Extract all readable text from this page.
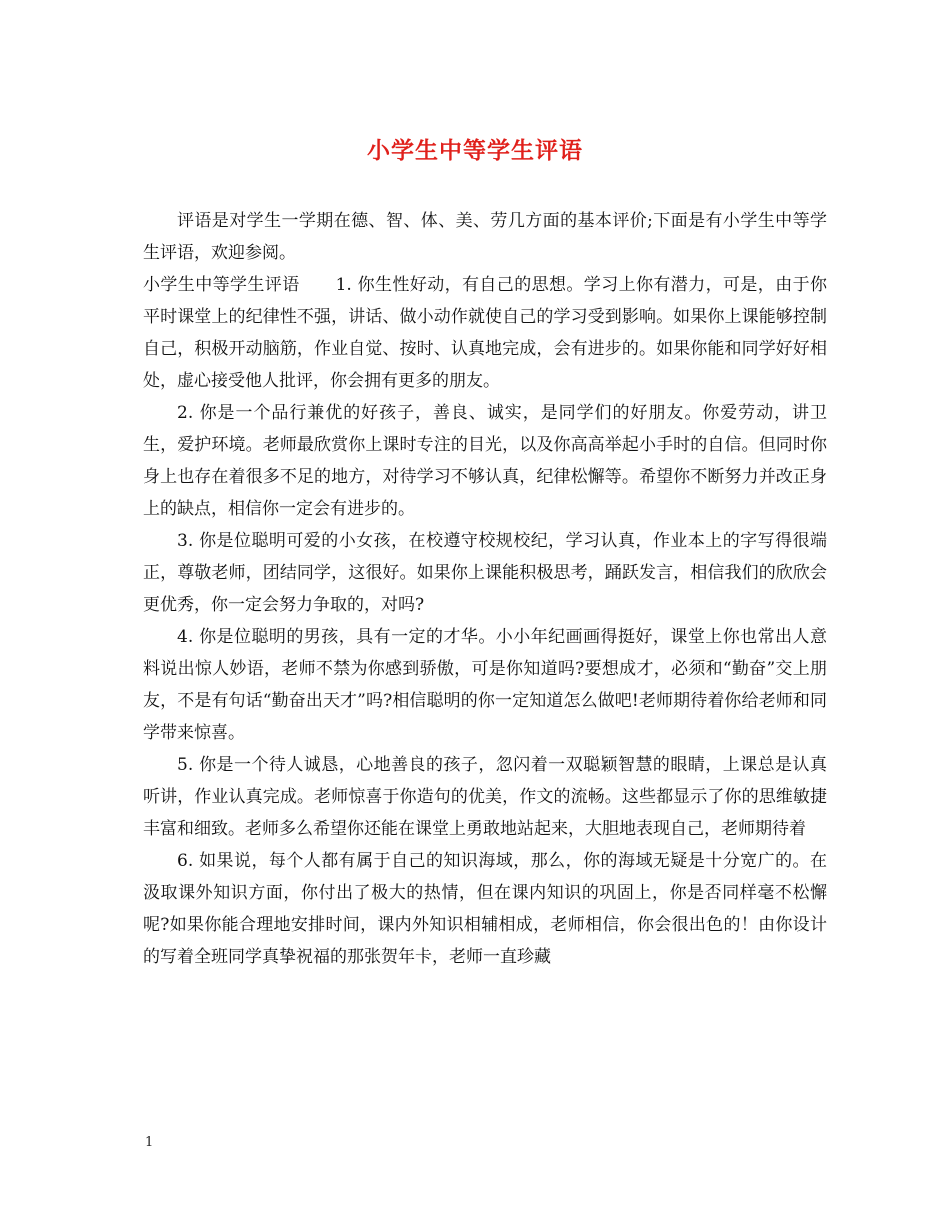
小学生中等学生评语

评语是对学生一学期在德、智、体、美、劳几方面的基本评价;下面是有小学生中等学生评语，欢迎参阅。

小学生中等学生评语 1. 你生性好动，有自己的思想。学习上你有潜力，可是，由于你平时课堂上的纪律性不强，讲话、做小动作就使自己的学习受到影响。如果你上课能够控制自己，积极开动脑筋，作业自觉、按时、认真地完成，会有进步的。如果你能和同学好好相处，虚心接受他人批评，你会拥有更多的朋友。

2. 你是一个品行兼优的好孩子，善良、诚实，是同学们的好朋友。你爱劳动，讲卫生，爱护环境。老师最欣赏你上课时专注的目光，以及你高高举起小手时的自信。但同时你身上也存在着很多不足的地方，对待学习不够认真，纪律松懈等。希望你不断努力并改正身上的缺点，相信你一定会有进步的。

3. 你是位聪明可爱的小女孩，在校遵守校规校纪，学习认真，作业本上的字写得很端正，尊敬老师，团结同学，这很好。如果你上课能积极思考，踊跃发言，相信我们的欣欣会更优秀，你一定会努力争取的，对吗?

4. 你是位聪明的男孩，具有一定的才华。小小年纪画画得挺好，课堂上你也常出人意料说出惊人妙语，老师不禁为你感到骄傲，可是你知道吗?要想成才，必须和“勤奋”交上朋友，不是有句话“勤奋出天才”吗?相信聪明的你一定知道怎么做吧!老师期待着你给老师和同学带来惊喜。

5. 你是一个待人诚恳，心地善良的孩子，忽闪着一双聪颖智慧的眼睛，上课总是认真听讲，作业认真完成。老师惊喜于你造句的优美，作文的流畅。这些都显示了你的思维敏捷丰富和细致。老师多么希望你还能在课堂上勇敢地站起来，大胆地表现自己，老师期待着

6. 如果说，每个人都有属于自己的知识海域，那么，你的海域无疑是十分宽广的。在汲取课外知识方面，你付出了极大的热情，但在课内知识的巩固上，你是否同样毫不松懈呢?如果你能合理地安排时间，课内外知识相辅相成，老师相信，你会很出色的！由你设计的写着全班同学真挚祝福的那张贺年卡，老师一直珍藏

1
